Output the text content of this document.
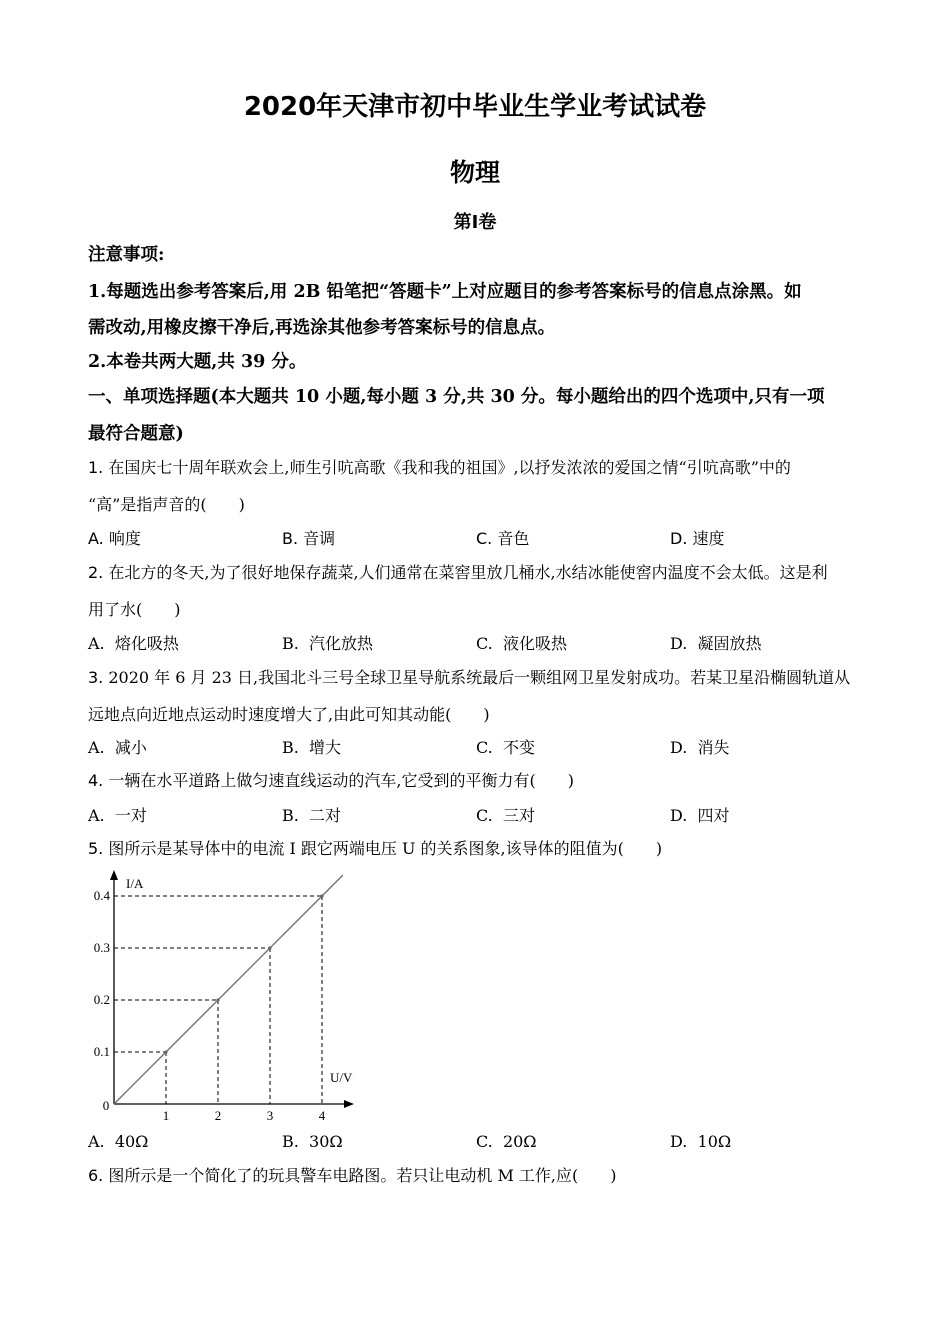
2020年天津市初中毕业生学业考试试卷
物理
第Ⅰ卷
注意事项:
1.每题选出参考答案后,用 2B 铅笔把“答题卡”上对应题目的参考答案标号的信息点涂黑。如
需改动,用橡皮擦干净后,再选涂其他参考答案标号的信息点。
2.本卷共两大题,共 39 分。
一、单项选择题(本大题共 10 小题,每小题 3 分,共 30 分。每小题给出的四个选项中,只有一项
最符合题意)
1. 在国庆七十周年联欢会上,师生引吭高歌《我和我的祖国》,以抒发浓浓的爱国之情“引吭高歌”中的
“高”是指声音的(　　)
A. 响度	B. 音调	C. 音色	D. 速度
2. 在北方的冬天,为了很好地保存蔬菜,人们通常在菜窖里放几桶水,水结冰能使窖内温度不会太低。这是利
用了水(　　)
A. 熔化吸热	B. 汽化放热	C. 液化吸热	D. 凝固放热
3. 2020 年 6 月 23 日,我国北斗三号全球卫星导航系统最后一颗组网卫星发射成功。若某卫星沿椭圆轨道从
远地点向近地点运动时速度增大了,由此可知其动能(　　)
A. 减小	B. 增大	C. 不变	D. 消失
4. 一辆在水平道路上做匀速直线运动的汽车,它受到的平衡力有(　　)
A. 一对	B. 二对	C. 三对	D. 四对
5. 图所示是某导体中的电流 I 跟它两端电压 U 的关系图象,该导体的阻值为(　　)
I/A
U/V
0
1
0.1
2
0.2
3
0.3
4
0.4
A. 40Ω	B. 30Ω	C. 20Ω	D. 10Ω
6. 图所示是一个简化了的玩具警车电路图。若只让电动机 M 工作,应(　　)
